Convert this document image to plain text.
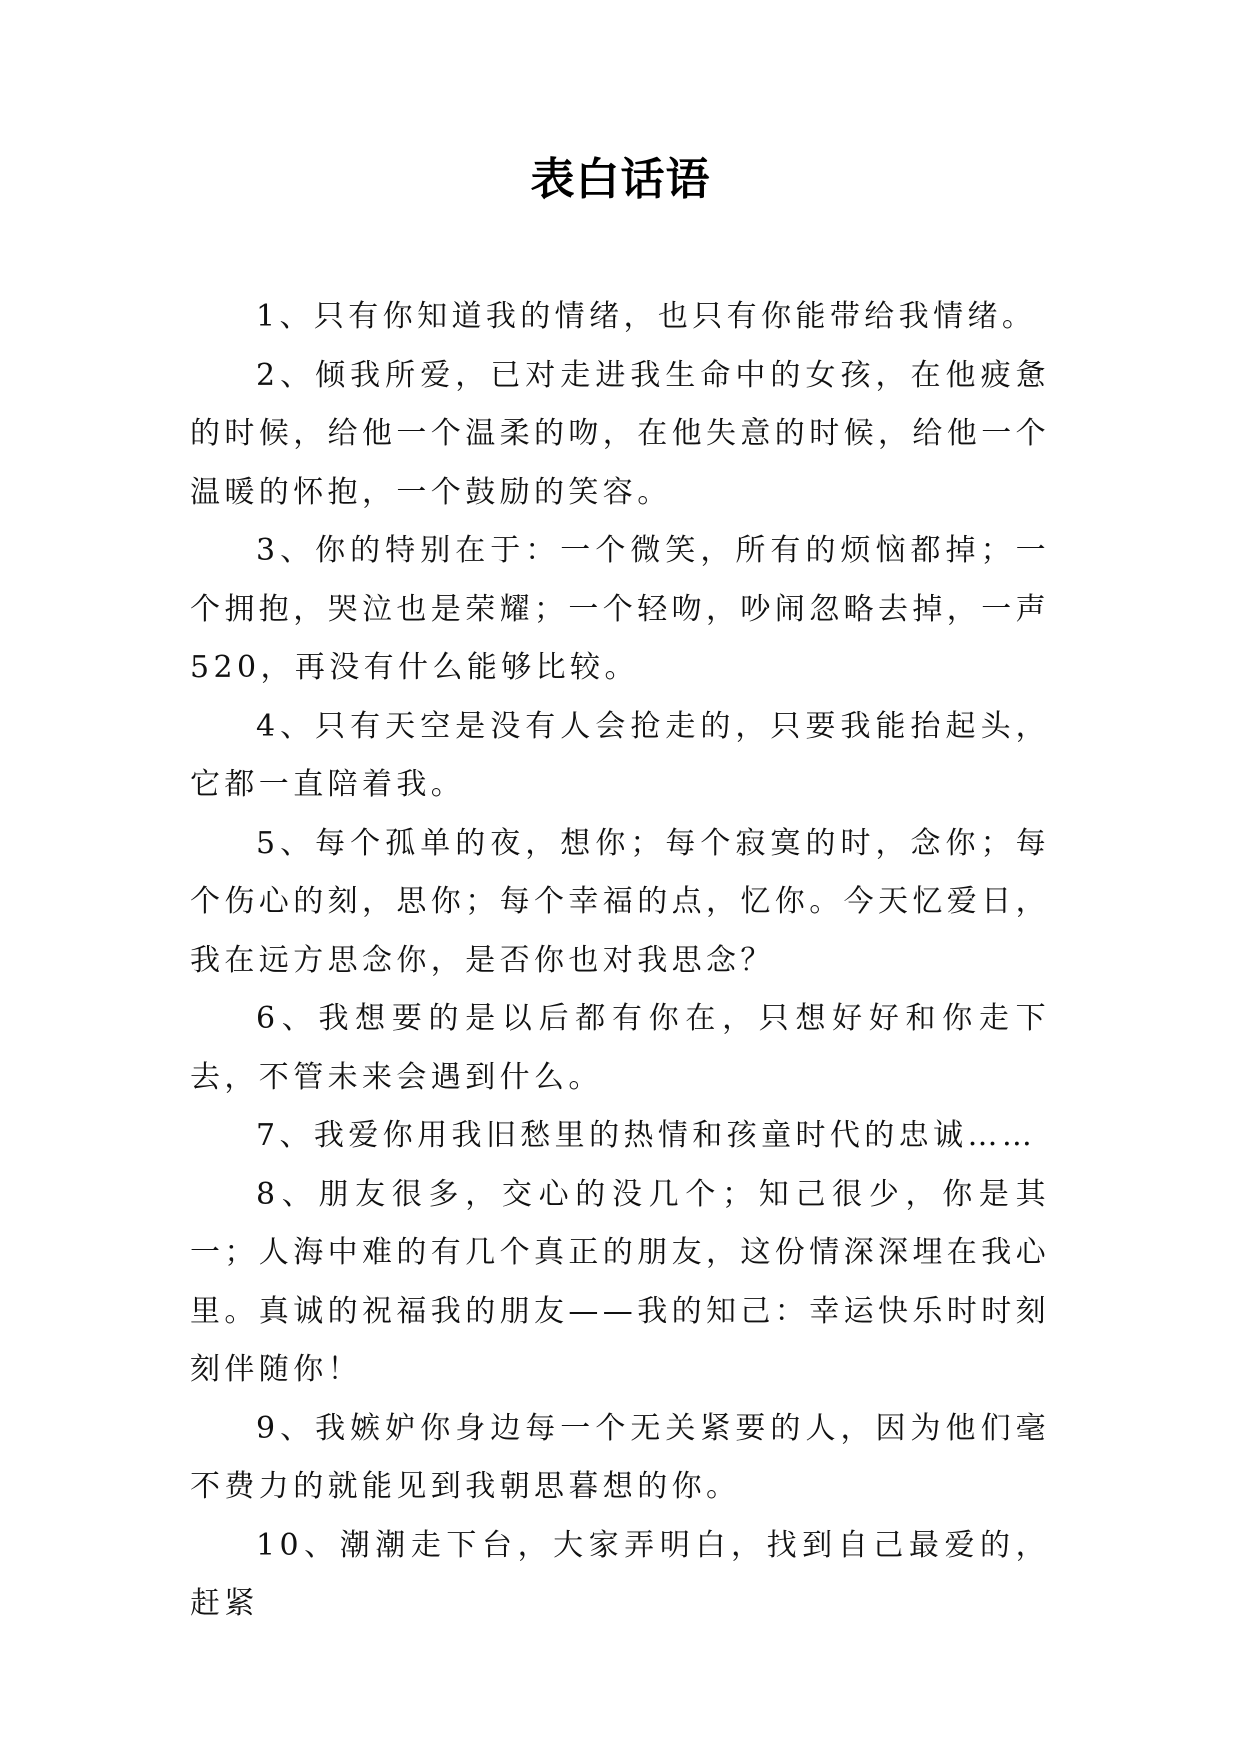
表白话语

1、只有你知道我的情绪，也只有你能带给我情绪。

2、倾我所爱，已对走进我生命中的女孩，在他疲惫的时候，给他一个温柔的吻，在他失意的时候，给他一个温暖的怀抱，一个鼓励的笑容。

3、你的特别在于：一个微笑，所有的烦恼都掉；一个拥抱，哭泣也是荣耀；一个轻吻，吵闹忽略去掉，一声520，再没有什么能够比较。

4、只有天空是没有人会抢走的，只要我能抬起头，它都一直陪着我。

5、每个孤单的夜，想你；每个寂寞的时，念你；每个伤心的刻，思你；每个幸福的点，忆你。今天忆爱日，我在远方思念你，是否你也对我思念？

6、我想要的是以后都有你在，只想好好和你走下去，不管未来会遇到什么。

7、我爱你用我旧愁里的热情和孩童时代的忠诚……

8、朋友很多，交心的没几个；知己很少，你是其一；人海中难的有几个真正的朋友，这份情深深埋在我心里。真诚的祝福我的朋友——我的知己：幸运快乐时时刻刻伴随你！

9、我嫉妒你身边每一个无关紧要的人，因为他们毫不费力的就能见到我朝思暮想的你。

10、潮潮走下台，大家弄明白，找到自己最爱的，赶紧
